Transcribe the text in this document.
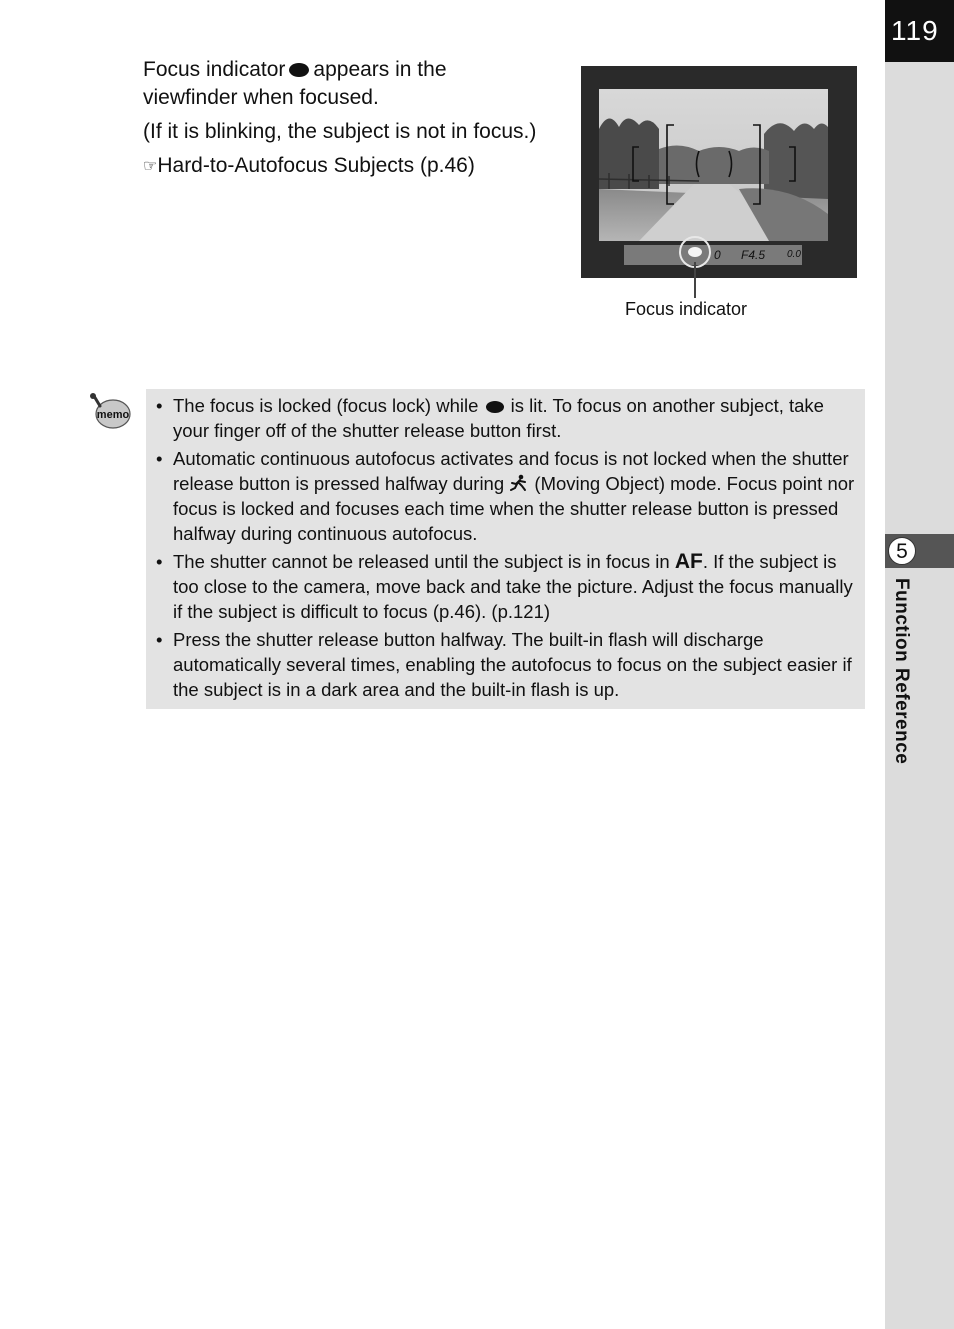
119
5
Function Reference

Focus indicator appears in the viewfinder when focused.

(If it is blinking, the subject is not in focus.)

☞Hard-to-Autofocus Subjects (p.46)

0 F4.5 0.0
Focus indicator
memo
•	The focus is locked (focus lock) while is lit. To focus on another subject, take your finger off of the shutter release button first.
• Automatic continuous autofocus activates and focus is not locked when the shutter release button is pressed halfway during (Moving Object) mode. Focus point nor focus is locked and focuses each time when the shutter release button is pressed halfway during continuous autofocus.
• The shutter cannot be released until the subject is in focus in AF. If the subject is too close to the camera, move back and take the picture. Adjust the focus manually if the subject is difficult to focus (p.46). (p.121)
• Press the shutter release button halfway. The built-in flash will discharge automatically several times, enabling the autofocus to focus on the subject easier if the subject is in a dark area and the built-in flash is up.
